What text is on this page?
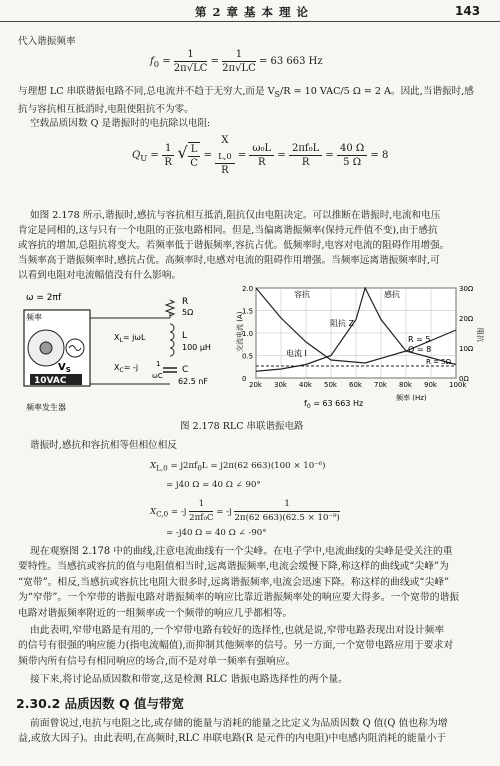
第 2 章 基 本 理 论	143
代入谐振频率
$f_0 = \frac{1}{2\pi√LC} = \frac{1}{2\pi√LC} = 63$ 663 Hz
与理想 LC 串联谐振电路不同,总电流并不趋于无穷大,而是 $V_S/R = 10$ VAC/5 Ω = 2 A。因此,当谐振时,感
抗与容抗相互抵消时,电阻使阻抗不为零。
空载品质因数 Q 是谐振时的电抗除以电阻:
$Q_U = \frac{1}{R}$ √ $\frac{L}{C} = X$
$_{L,0}$
$R = \frac{\text{ω₀L}}{R} = \frac{\text{2πf₀L}}{R} = \frac{40 \Omega}{5 \Omega} = 8$
如图 2.178 所示,谐振时,感抗与容抗相互抵消,阻抗仅由电阻决定。可以推断在谐振时,电流和电压
肯定是同相的,这与只有一个电阻的正弦电路相同。但是,当偏离谐振频率(保持元件值不变),由于感抗
或容抗的增加,总阻抗将变大。若频率低于谐振频率,容抗占优。低频率时,电容对电流的阻碍作用增强。
当频率高于谐振频率时,感抗占优。高频率时,电感对电流的阻碍作用增强。当频率远离谐振频率时,可
以看到电阻对电流幅值没有什么影响。
ω = 2πf
频率
$V_S$
10VAC
频率发生器
R
5Ω
L
100 μH
$X_L= j\omega L$
C
62.5 nF
$X_C= -j$	1
ωC
20k 30k 40k 50k 60k 70k 80k 90k 100k
0
0.5
1.0
1.5
2.0
0Ω
10Ω
20Ω
30Ω
容抗	感抗
阻抗 Z
电流 I
R = 5
Q = 8
R = 5Ω
交流电流 (A)	阻抗
频率 (Hz)
$f_0 = 63$ 663 Hz
图 2.178 RLC 串联谐振电路
谐振时,感抗和容抗相等但相位相反
$X_{L,0} = j2\pi f_0L = j2\pi(62$ 663)(100 × 10⁻⁶)
= j40 Ω = 40 Ω ∠ 90°
$X_{C,0} = -j \frac{1}{\text{2πf₀C}} = -j \frac{1}{\text{2π(62 663)(62.5 × 10⁻⁹)}}$
= -j40 Ω = 40 Ω ∠ -90°
现在观察图 2.178 中的曲线,注意电流曲线有一个尖峰。在电子学中,电流曲线的尖峰是受关注的重
要特性。当感抗或容抗的值与电阻值相当时,远离谐振频率,电流会缓慢下降,称这样的曲线或“尖峰”为
“宽带”。相反,当感抗或容抗比电阻大很多时,远离谐振频率,电流会迅速下降。称这样的曲线或“尖峰”
为“窄带”。一个窄带的谐振电路对谐振频率的响应比靠近谐振频率处的响应要大得多。一个宽带的谐振
电路对谐振频率附近的一组频率或一个频带的响应几乎都相等。
由此表明,窄带电路是有用的,一个窄带电路有较好的选择性,也就是说,窄带电路表现出对设计频率
的信号有很强的响应能力(指电流幅值),而抑制其他频率的信号。另一方面,一个宽带电路应用于要求对
频带内所有信号有相同响应的场合,而不是对单一频率有强响应。
接下来,将讨论品质因数和带宽,这是检测 RLC 谐振电路选择性的两个量。
2.30.2 品质因数 Q 值与带宽
前面曾说过,电抗与电阻之比,或存储的能量与消耗的能量之比定义为品质因数 Q 值(Q 值也称为增
益,或放大因子)。由此表明,在高频时,RLC 串联电路(R 是元件的内电阻)中电感内阻消耗的能量小于
